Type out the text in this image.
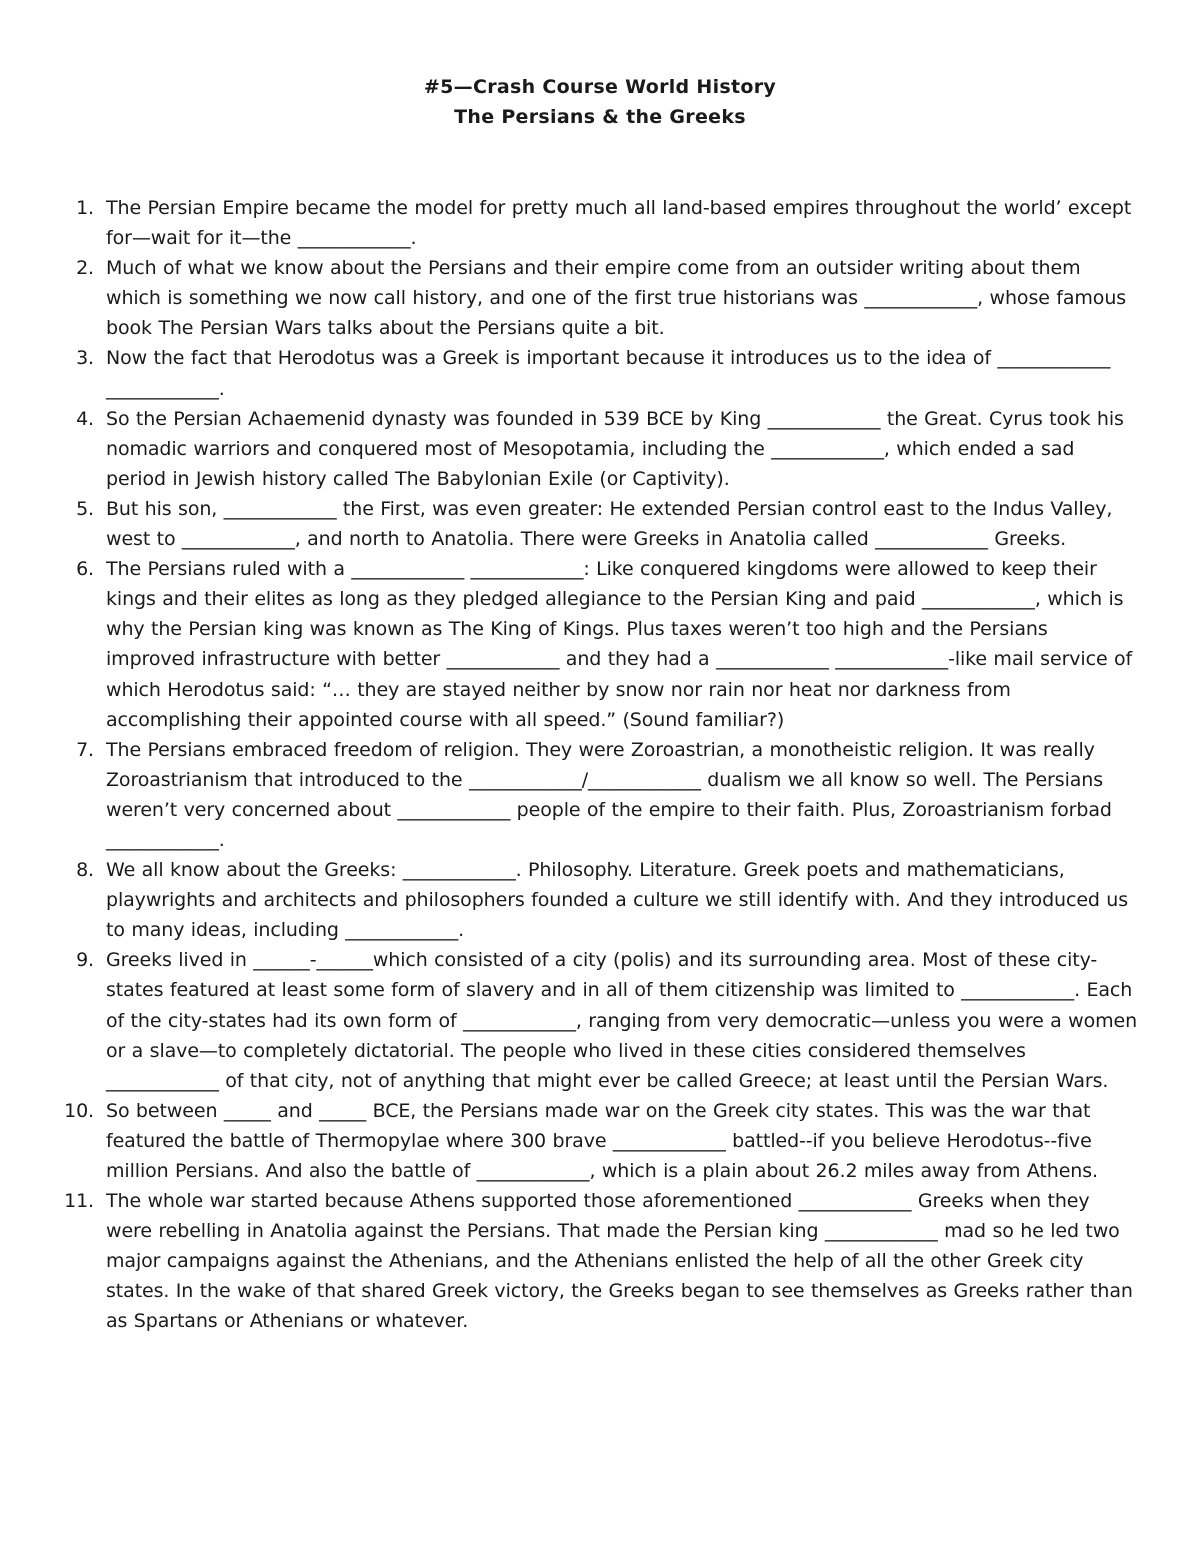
#5—Crash Course World History
The Persians & the Greeks
1. The Persian Empire became the model for pretty much all land-based empires throughout the world’ except for—wait for it—the ____________.
2. Much of what we know about the Persians and their empire come from an outsider writing about them which is something we now call history, and one of the first true historians was ____________, whose famous book The Persian Wars talks about the Persians quite a bit.
3. Now the fact that Herodotus was a Greek is important because it introduces us to the idea of ____________ ____________.
4. So the Persian Achaemenid dynasty was founded in 539 BCE by King ____________ the Great. Cyrus took his nomadic warriors and conquered most of Mesopotamia, including the ____________, which ended a sad period in Jewish history called The Babylonian Exile (or Captivity).
5. But his son, ____________ the First, was even greater: He extended Persian control east to the Indus Valley, west to ____________, and north to Anatolia. There were Greeks in Anatolia called ____________ Greeks.
6. The Persians ruled with a ____________ ____________: Like conquered kingdoms were allowed to keep their kings and their elites as long as they pledged allegiance to the Persian King and paid ____________, which is why the Persian king was known as The King of Kings. Plus taxes weren’t too high and the Persians improved infrastructure with better ____________ and they had a ____________ ____________-like mail service of which Herodotus said: “… they are stayed neither by snow nor rain nor heat nor darkness from accomplishing their appointed course with all speed.” (Sound familiar?)
7. The Persians embraced freedom of religion. They were Zoroastrian, a monotheistic religion. It was really Zoroastrianism that introduced to the ____________/____________ dualism we all know so well. The Persians weren’t very concerned about ____________ people of the empire to their faith. Plus, Zoroastrianism forbad ____________.
8. We all know about the Greeks: ____________. Philosophy. Literature. Greek poets and mathematicians, playwrights and architects and philosophers founded a culture we still identify with. And they introduced us to many ideas, including ____________.
9. Greeks lived in ______-______which consisted of a city (polis) and its surrounding area. Most of these city-states featured at least some form of slavery and in all of them citizenship was limited to ____________. Each of the city-states had its own form of ____________, ranging from very democratic—unless you were a women or a slave—to completely dictatorial. The people who lived in these cities considered themselves ____________ of that city, not of anything that might ever be called Greece; at least until the Persian Wars.
10. So between _____ and _____ BCE, the Persians made war on the Greek city states. This was the war that featured the battle of Thermopylae where 300 brave ____________ battled--if you believe Herodotus--five million Persians. And also the battle of ____________, which is a plain about 26.2 miles away from Athens.
11. The whole war started because Athens supported those aforementioned ____________ Greeks when they were rebelling in Anatolia against the Persians. That made the Persian king ____________ mad so he led two major campaigns against the Athenians, and the Athenians enlisted the help of all the other Greek city states. In the wake of that shared Greek victory, the Greeks began to see themselves as Greeks rather than as Spartans or Athenians or whatever.
